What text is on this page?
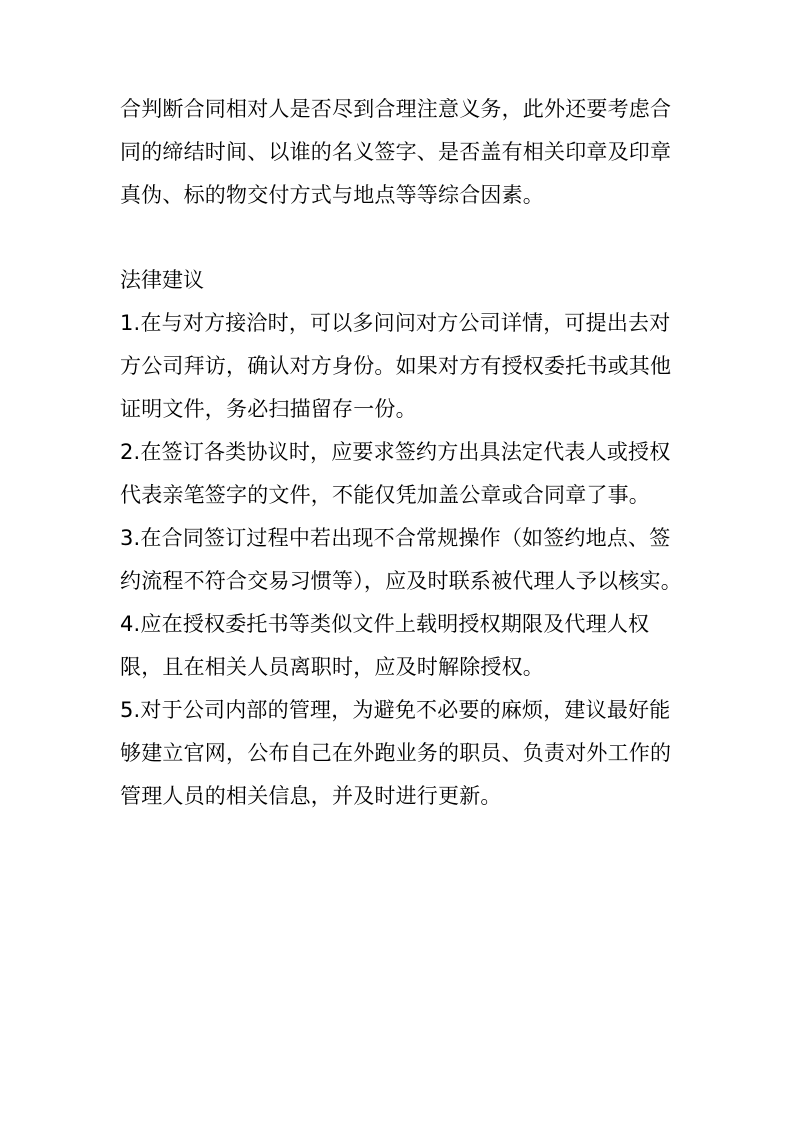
合判断合同相对人是否尽到合理注意义务，此外还要考虑合
同的缔结时间、以谁的名义签字、是否盖有相关印章及印章
真伪、标的物交付方式与地点等等综合因素。
法律建议
1.在与对方接洽时，可以多问问对方公司详情，可提出去对
方公司拜访，确认对方身份。如果对方有授权委托书或其他
证明文件，务必扫描留存一份。
2.在签订各类协议时，应要求签约方出具法定代表人或授权
代表亲笔签字的文件，不能仅凭加盖公章或合同章了事。
3.在合同签订过程中若出现不合常规操作（如签约地点、签
约流程不符合交易习惯等），应及时联系被代理人予以核实。
4.应在授权委托书等类似文件上载明授权期限及代理人权
限，且在相关人员离职时，应及时解除授权。
5.对于公司内部的管理，为避免不必要的麻烦，建议最好能
够建立官网，公布自己在外跑业务的职员、负责对外工作的
管理人员的相关信息，并及时进行更新。
